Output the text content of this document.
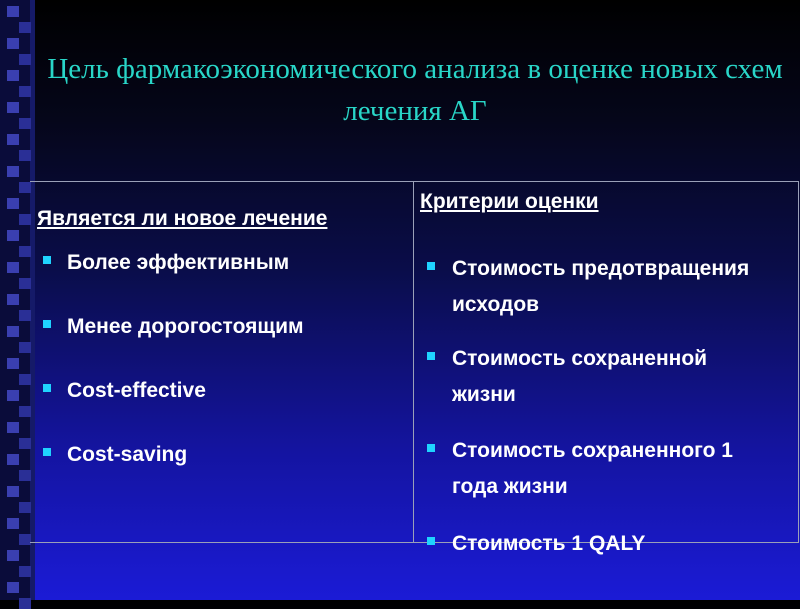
Цель фармакоэкономического анализа в оценке новых схем лечения АГ
Является ли новое лечение
Более эффективным
Менее дорогостоящим
Cost-effective
Cost-saving
Критерии оценки
Стоимость предотвращения исходов
Стоимость сохраненной жизни
Стоимость сохраненного 1 года жизни
Стоимость 1 QALY
